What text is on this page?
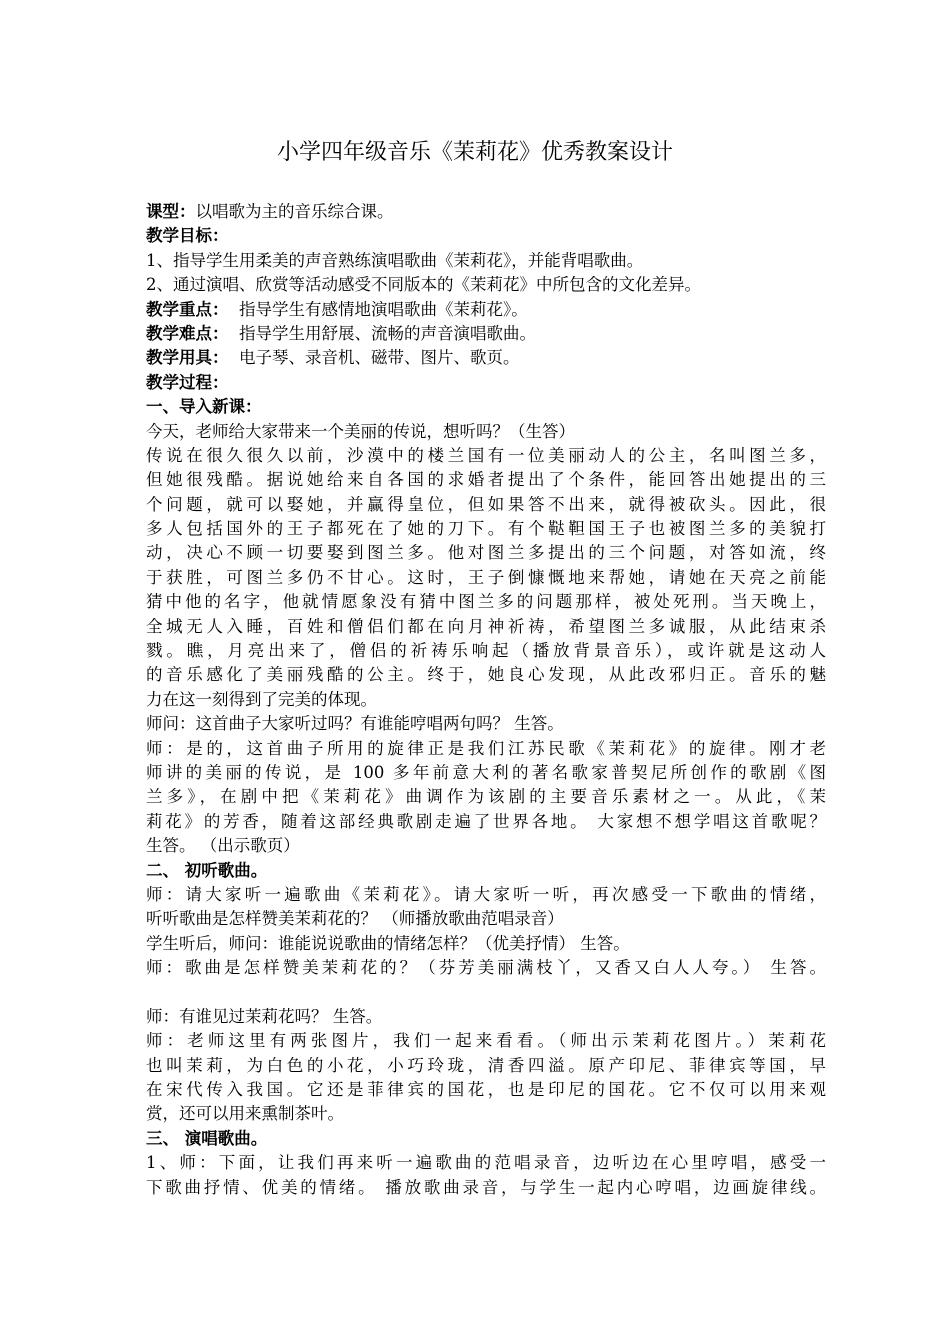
小学四年级音乐《茉莉花》优秀教案设计
课型：以唱歌为主的音乐综合课。
教学目标：
1、指导学生用柔美的声音熟练演唱歌曲《茉莉花》，并能背唱歌曲。
2、通过演唱、欣赏等活动感受不同版本的《茉莉花》中所包含的文化差异。
教学重点： 指导学生有感情地演唱歌曲《茉莉花》。
教学难点： 指导学生用舒展、流畅的声音演唱歌曲。
教学用具： 电子琴、录音机、磁带、图片、歌页。
教学过程：
一、导入新课：
今天，老师给大家带来一个美丽的传说，想听吗？（生答）
传说在很久很久以前，沙漠中的楼兰国有一位美丽动人的公主，名叫图兰多，
但她很残酷。据说她给来自各国的求婚者提出了个条件，能回答出她提出的三
个问题，就可以娶她，并赢得皇位，但如果答不出来，就得被砍头。因此，很
多人包括国外的王子都死在了她的刀下。有个鞑靼国王子也被图兰多的美貌打
动，决心不顾一切要娶到图兰多。他对图兰多提出的三个问题，对答如流，终
于获胜，可图兰多仍不甘心。这时，王子倒慷慨地来帮她，请她在天亮之前能
猜中他的名字，他就情愿象没有猜中图兰多的问题那样，被处死刑。当天晚上，
全城无人入睡，百姓和僧侣们都在向月神祈祷，希望图兰多诚服，从此结束杀
戮。瞧，月亮出来了，僧侣的祈祷乐响起（播放背景音乐），或许就是这动人
的音乐感化了美丽残酷的公主。终于，她良心发现，从此改邪归正。音乐的魅
力在这一刻得到了完美的体现。
师问：这首曲子大家听过吗？有谁能哼唱两句吗？ 生答。
师：是的，这首曲子所用的旋律正是我们江苏民歌《茉莉花》的旋律。刚才老
师讲的美丽的传说，是 100 多年前意大利的著名歌家普契尼所创作的歌剧《图
兰多》，在剧中把《茉莉花》曲调作为该剧的主要音乐素材之一。从此，《茉
莉花》的芳香，随着这部经典歌剧走遍了世界各地。 大家想不想学唱这首歌呢？
生答。 （出示歌页）
二、 初听歌曲。
师：请大家听一遍歌曲《茉莉花》。请大家听一听，再次感受一下歌曲的情绪，
听听歌曲是怎样赞美茉莉花的？ （师播放歌曲范唱录音）
学生听后，师问：谁能说说歌曲的情绪怎样？（优美抒情） 生答。
师：歌曲是怎样赞美茉莉花的？（芬芳美丽满枝丫，又香又白人人夸。） 生答。
师：有谁见过茉莉花吗？ 生答。
师：老师这里有两张图片，我们一起来看看。（师出示茉莉花图片。）茉莉花
也叫茉莉，为白色的小花，小巧玲珑，清香四溢。原产印尼、菲律宾等国，早
在宋代传入我国。它还是菲律宾的国花，也是印尼的国花。它不仅可以用来观
赏，还可以用来熏制茶叶。
三、 演唱歌曲。
1、师：下面，让我们再来听一遍歌曲的范唱录音，边听边在心里哼唱，感受一
下歌曲抒情、优美的情绪。 播放歌曲录音，与学生一起内心哼唱，边画旋律线。
